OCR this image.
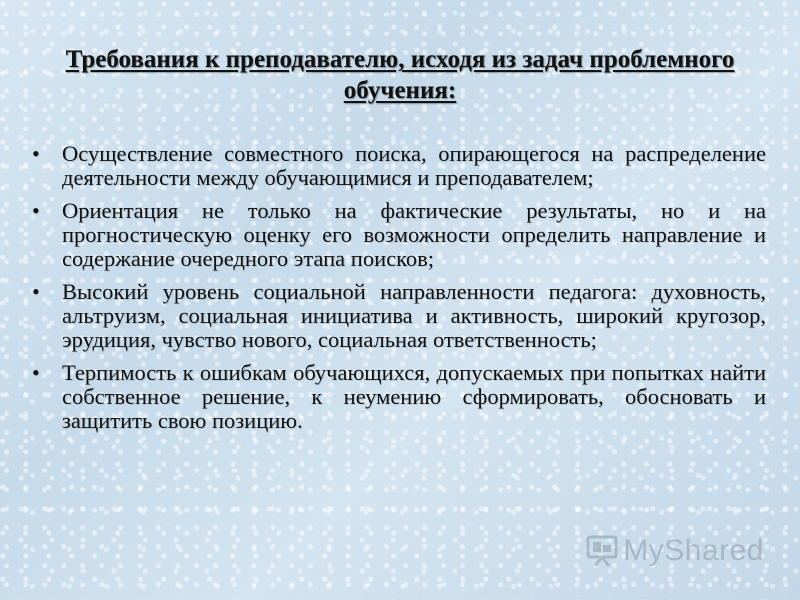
Требования к преподавателю, исходя из задач проблемного обучения:
• Осуществление совместного поиска, опирающегося на распределение деятельности между обучающимися и преподавателем;
• Ориентация не только на фактические результаты, но и на прогностическую оценку его возможности определить направление и содержание очередного этапа поисков;
• Высокий уровень социальной направленности педагога: духовность, альтруизм, социальная инициатива и активность, широкий кругозор, эрудиция, чувство нового, социальная ответственность;
• Терпимость к ошибкам обучающихся, допускаемых при попытках найти собственное решение, к неумению сформировать, обосновать и защитить свою позицию.
MyShared
